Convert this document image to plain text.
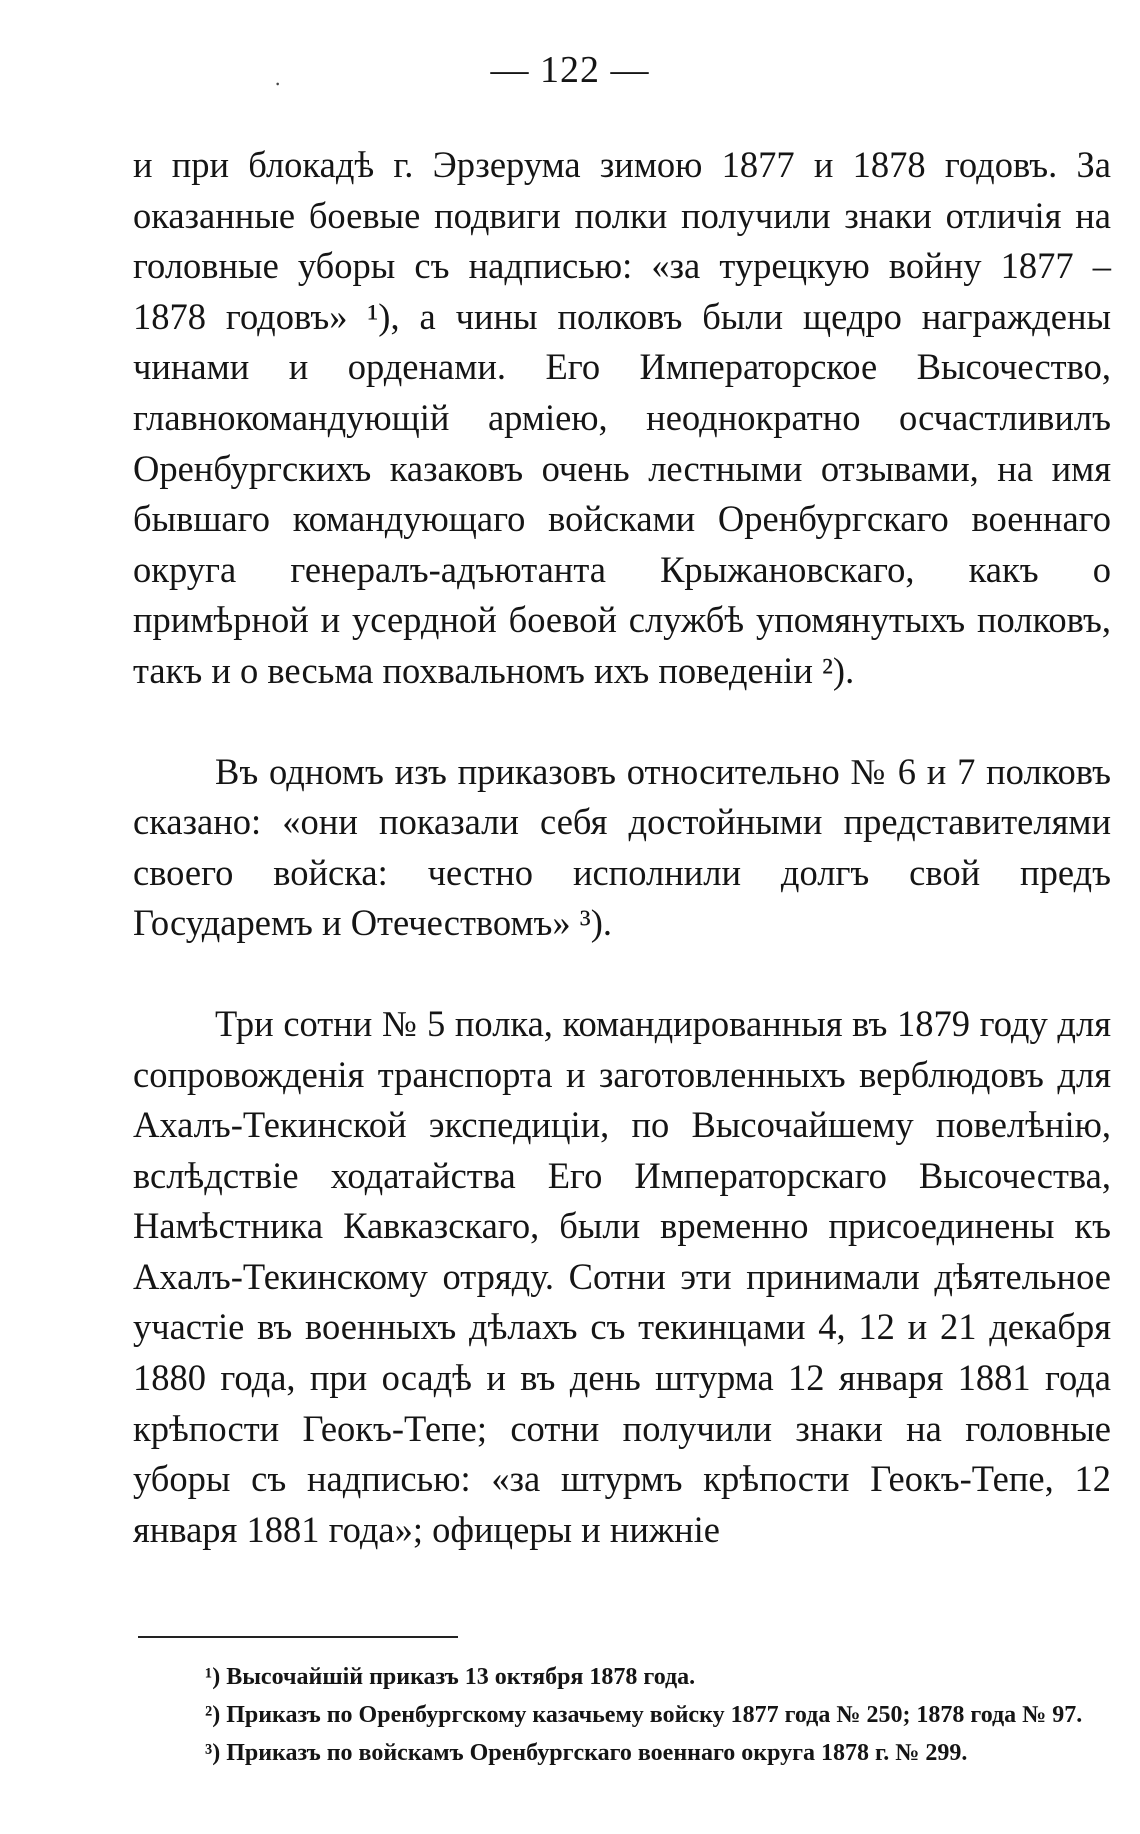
— 122 —
⸱

и при блокадѣ г. Эрзерума зимою 1877 и 1878 годовъ. За оказанные боевые подвиги полки получили знаки отличія на головные уборы съ надписью: «за турецкую войну 1877 – 1878 годовъ» ¹), а чины полковъ были щедро награждены чинами и орденами. Его Императорское Высочество, главнокомандующій арміею, неоднократно осчастливилъ Оренбургскихъ казаковъ очень лестными отзывами, на имя бывшаго командующаго войсками Оренбургскаго военнаго округа генералъ-адъютанта Крыжановскаго, какъ о примѣрной и усердной боевой службѣ упомянутыхъ полковъ, такъ и о весьма похвальномъ ихъ поведеніи ²).

Въ одномъ изъ приказовъ относительно № 6 и 7 полковъ сказано: «они показали себя достойными представителями своего войска: честно исполнили долгъ свой предъ Государемъ и Отечествомъ» ³).

Три сотни № 5 полка, командированныя въ 1879 году для сопровожденія транспорта и заготовленныхъ верблюдовъ для Ахалъ-Текинской экспедиціи, по Высочайшему повелѣнію, вслѣдствіе ходатайства Его Императорскаго Высочества, Намѣстника Кавказскаго, были временно присоединены къ Ахалъ-Текинскому отряду. Сотни эти принимали дѣятельное участіе въ военныхъ дѣлахъ съ текинцами 4, 12 и 21 декабря 1880 года, при осадѣ и въ день штурма 12 января 1881 года крѣпости Геокъ-Тепе; сотни получили знаки на головные уборы съ надписью: «за штурмъ крѣпости Геокъ-Тепе, 12 января 1881 года»; офицеры и нижніе

¹) Высочайшій приказъ 13 октября 1878 года.

²) Приказъ по Оренбургскому казачьему войску 1877 года № 250; 1878 года № 97.

³) Приказъ по войскамъ Оренбургскаго военнаго округа 1878 г. № 299.
